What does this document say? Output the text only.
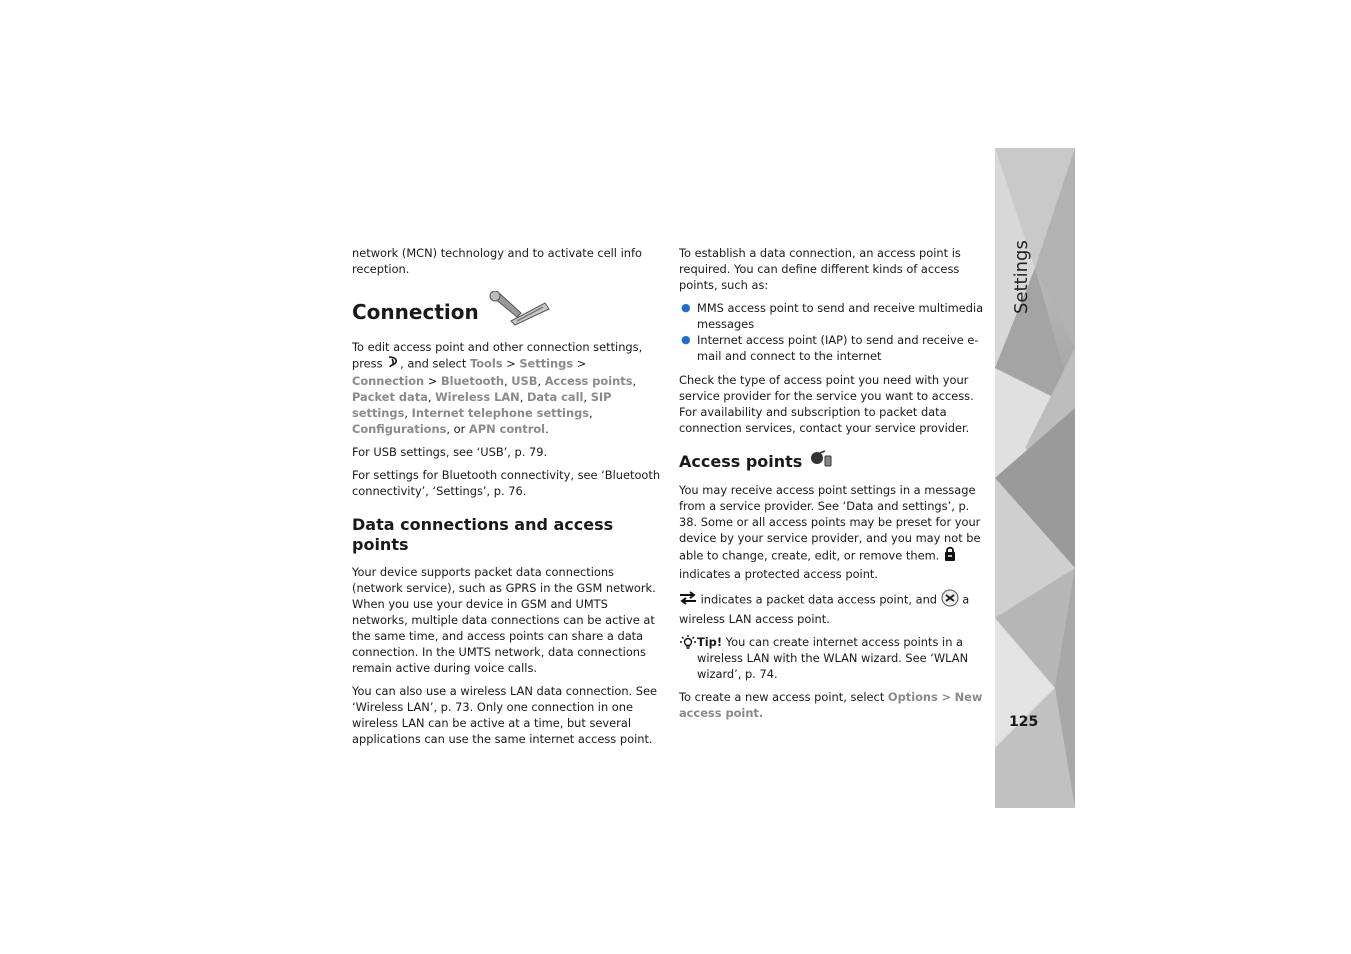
network (MCN) technology and to activate cell info reception.

Connection

To edit access point and other connection settings, press , and select Tools > Settings > Connection > Bluetooth, USB, Access points, Packet data, Wireless LAN, Data call, SIP settings, Internet telephone settings, Configurations, or APN control.

For USB settings, see ‘USB’, p. 79.

For settings for Bluetooth connectivity, see ‘Bluetooth connectivity’, ‘Settings’, p. 76.

Data connections and access points

Your device supports packet data connections (network service), such as GPRS in the GSM network. When you use your device in GSM and UMTS networks, multiple data connections can be active at the same time, and access points can share a data connection. In the UMTS network, data connections remain active during voice calls.

You can also use a wireless LAN data connection. See ‘Wireless LAN’, p. 73. Only one connection in one wireless LAN can be active at a time, but several applications can use the same internet access point.

To establish a data connection, an access point is required. You can define different kinds of access points, such as:

● MMS access point to send and receive multimedia messages
● Internet access point (IAP) to send and receive e-mail and connect to the internet

Check the type of access point you need with your service provider for the service you want to access. For availability and subscription to packet data connection services, contact your service provider.

Access points

You may receive access point settings in a message from a service provider. See ‘Data and settings’, p. 38. Some or all access points may be preset for your device by your service provider, and you may not be able to change, create, edit, or remove them.  indicates a protected access point.

indicates a packet data access point, and a wireless LAN access point.

Tip! You can create internet access points in a wireless LAN with the WLAN wizard. See ‘WLAN wizard’, p. 74.

To create a new access point, select Options > New access point.

Settings
125
